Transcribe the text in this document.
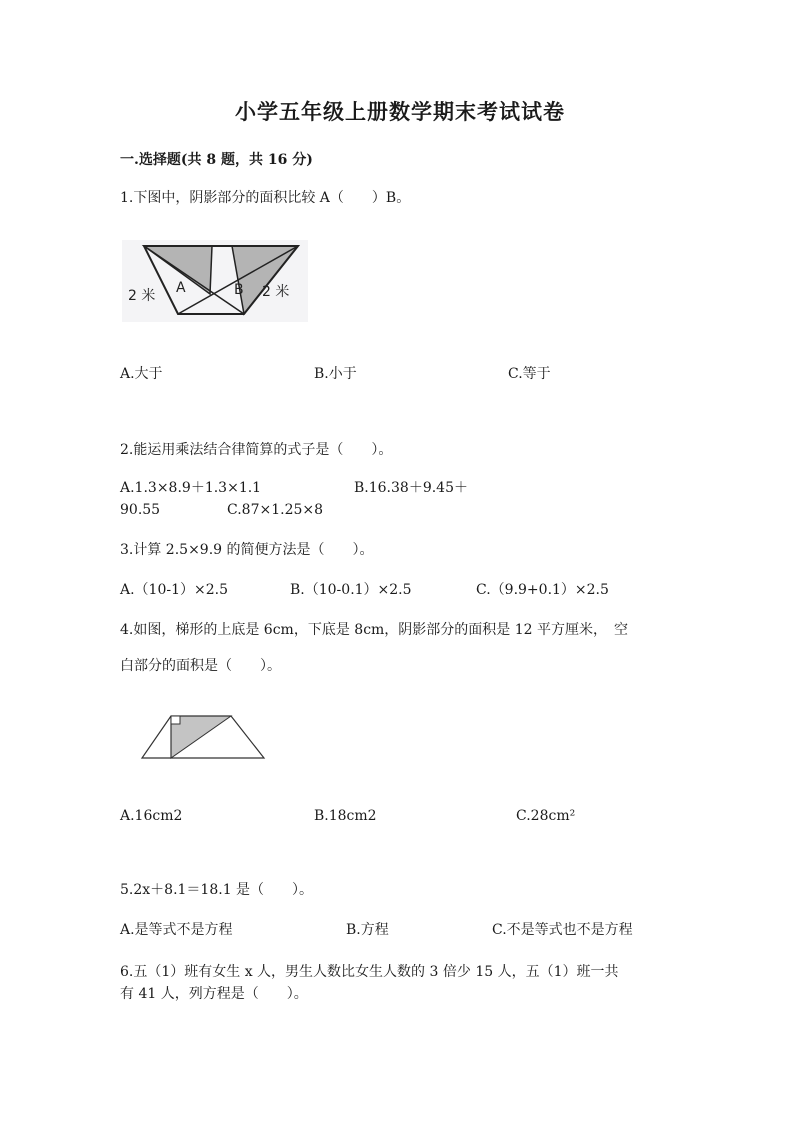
小学五年级上册数学期末考试试卷
一.选择题(共 8 题，共 16 分)
1.下图中，阴影部分的面积比较 A（　　）B。
A	B
2 米	2 米
A.大于	B.小于	C.等于
2.能运用乘法结合律简算的式子是（　　）。
A.1.3×8.9＋1.3×1.1	B.16.38＋9.45＋
90.55	C.87×1.25×8
3.计算 2.5×9.9 的简便方法是（　　）。
A.（10-1）×2.5	B.（10-0.1）×2.5	C.（9.9+0.1）×2.5
4.如图，梯形的上底是 6cm，下底是 8cm，阴影部分的面积是 12 平方厘米，　空
白部分的面积是（　　）。
A.16cm2	B.18cm2	C.28cm²
5.2x＋8.1＝18.1 是（　　）。
A.是等式不是方程	B.方程	C.不是等式也不是方程
6.五（1）班有女生 x 人，男生人数比女生人数的 3 倍少 15 人，五（1）班一共
有 41 人，列方程是（　　）。
